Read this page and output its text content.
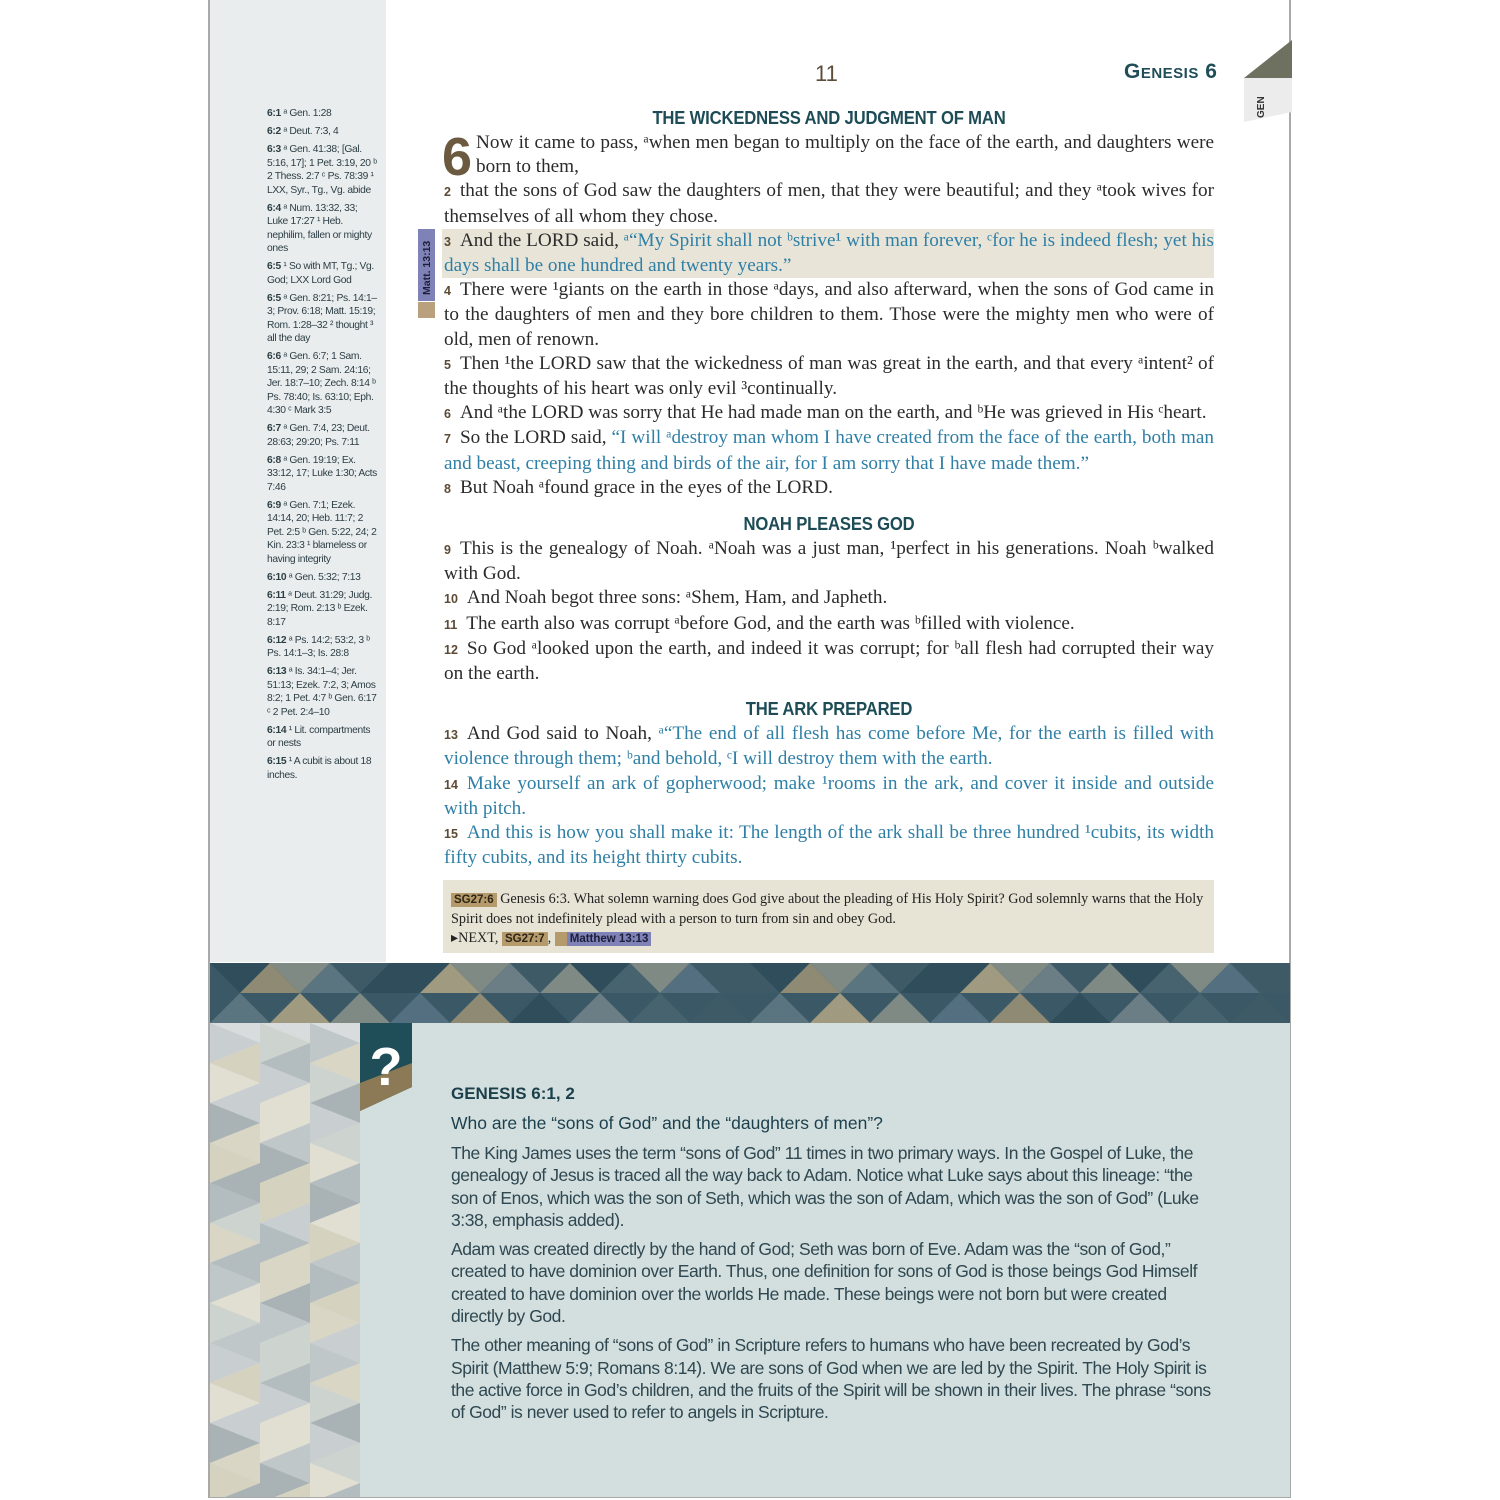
6:1 ᵃ Gen. 1:28
6:2 ᵃ Deut. 7:3, 4
6:3 ᵃ Gen. 41:38; [Gal. 5:16, 17]; 1 Pet. 3:19, 20 ᵇ 2 Thess. 2:7 ᶜ Ps. 78:39 ¹ LXX, Syr., Tg., Vg. abide
6:4 ᵃ Num. 13:32, 33; Luke 17:27 ¹ Heb. nephilim, fallen or mighty ones
6:5 ¹ So with MT, Tg.; Vg. God; LXX Lord God
6:5 ᵃ Gen. 8:21; Ps. 14:1–3; Prov. 6:18; Matt. 15:19; Rom. 1:28–32 ² thought ³ all the day
6:6 ᵃ Gen. 6:7; 1 Sam. 15:11, 29; 2 Sam. 24:16; Jer. 18:7–10; Zech. 8:14 ᵇ Ps. 78:40; Is. 63:10; Eph. 4:30 ᶜ Mark 3:5
6:7 ᵃ Gen. 7:4, 23; Deut. 28:63; 29:20; Ps. 7:11
6:8 ᵃ Gen. 19:19; Ex. 33:12, 17; Luke 1:30; Acts 7:46
6:9 ᵃ Gen. 7:1; Ezek. 14:14, 20; Heb. 11:7; 2 Pet. 2:5 ᵇ Gen. 5:22, 24; 2 Kin. 23:3 ¹ blameless or having integrity
6:10 ᵃ Gen. 5:32; 7:13
6:11 ᵃ Deut. 31:29; Judg. 2:19; Rom. 2:13 ᵇ Ezek. 8:17
6:12 ᵃ Ps. 14:2; 53:2, 3 ᵇ Ps. 14:1–3; Is. 28:8
6:13 ᵃ Is. 34:1–4; Jer. 51:13; Ezek. 7:2, 3; Amos 8:2; 1 Pet. 4:7 ᵇ Gen. 6:17 ᶜ 2 Pet. 2:4–10
6:14 ¹ Lit. compartments or nests
6:15 ¹ A cubit is about 18 inches.
11	Genesis 6
GEN
Matt. 13:13

THE WICKEDNESS AND JUDGMENT OF MAN

6 Now it came to pass, ᵃwhen men began to multiply on the face of the earth, and daughters were born to them,

2 that the sons of God saw the daughters of men, that they were beautiful; and they ᵃtook wives for themselves of all whom they chose.

3 And the LORD said, ᵃ“My Spirit shall not ᵇstrive¹ with man forever, ᶜfor he is indeed flesh; yet his days shall be one hundred and twenty years.”

4 There were ¹giants on the earth in those ᵃdays, and also afterward, when the sons of God came in to the daughters of men and they bore children to them. Those were the mighty men who were of old, men of renown.

5 Then ¹the LORD saw that the wickedness of man was great in the earth, and that every ᵃintent² of the thoughts of his heart was only evil ³continually.

6 And ᵃthe LORD was sorry that He had made man on the earth, and ᵇHe was grieved in His ᶜheart.

7 So the LORD said, “I will ᵃdestroy man whom I have created from the face of the earth, both man and beast, creeping thing and birds of the air, for I am sorry that I have made them.”

8 But Noah ᵃfound grace in the eyes of the LORD.

NOAH PLEASES GOD

9 This is the genealogy of Noah. ᵃNoah was a just man, ¹perfect in his generations. Noah ᵇwalked with God.

10 And Noah begot three sons: ᵃShem, Ham, and Japheth.

11 The earth also was corrupt ᵃbefore God, and the earth was ᵇfilled with violence.

12 So God ᵃlooked upon the earth, and indeed it was corrupt; for ᵇall flesh had corrupted their way on the earth.

THE ARK PREPARED

13 And God said to Noah, ᵃ“The end of all flesh has come before Me, for the earth is filled with violence through them; ᵇand behold, ᶜI will destroy them with the earth.

14 Make yourself an ark of gopherwood; make ¹rooms in the ark, and cover it inside and outside with pitch.

15 And this is how you shall make it: The length of the ark shall be three hundred ¹cubits, its width fifty cubits, and its height thirty cubits.

SG27:6 Genesis 6:3. What solemn warning does God give about the pleading of His Holy Spirit? God solemnly warns that the Holy Spirit does not indefinitely plead with a person to turn from sin and obey God.
▸NEXT, SG27:7 , Matthew 13:13
?	GENESIS 6:1, 2
Who are the “sons of God” and the “daughters of men”?

The King James uses the term “sons of God” 11 times in two primary ways. In the Gospel of Luke, the genealogy of Jesus is traced all the way back to Adam. Notice what Luke says about this lineage: “the son of Enos, which was the son of Seth, which was the son of Adam, which was the son of God” (Luke 3:38, emphasis added).

Adam was created directly by the hand of God; Seth was born of Eve. Adam was the “son of God,” created to have dominion over Earth. Thus, one definition for sons of God is those beings God Himself created to have dominion over the worlds He made. These beings were not born but were created directly by God.

The other meaning of “sons of God” in Scripture refers to humans who have been recreated by God’s Spirit (Matthew 5:9; Romans 8:14). We are sons of God when we are led by the Spirit. The Holy Spirit is the active force in God’s children, and the fruits of the Spirit will be shown in their lives. The phrase “sons of God” is never used to refer to angels in Scripture.
